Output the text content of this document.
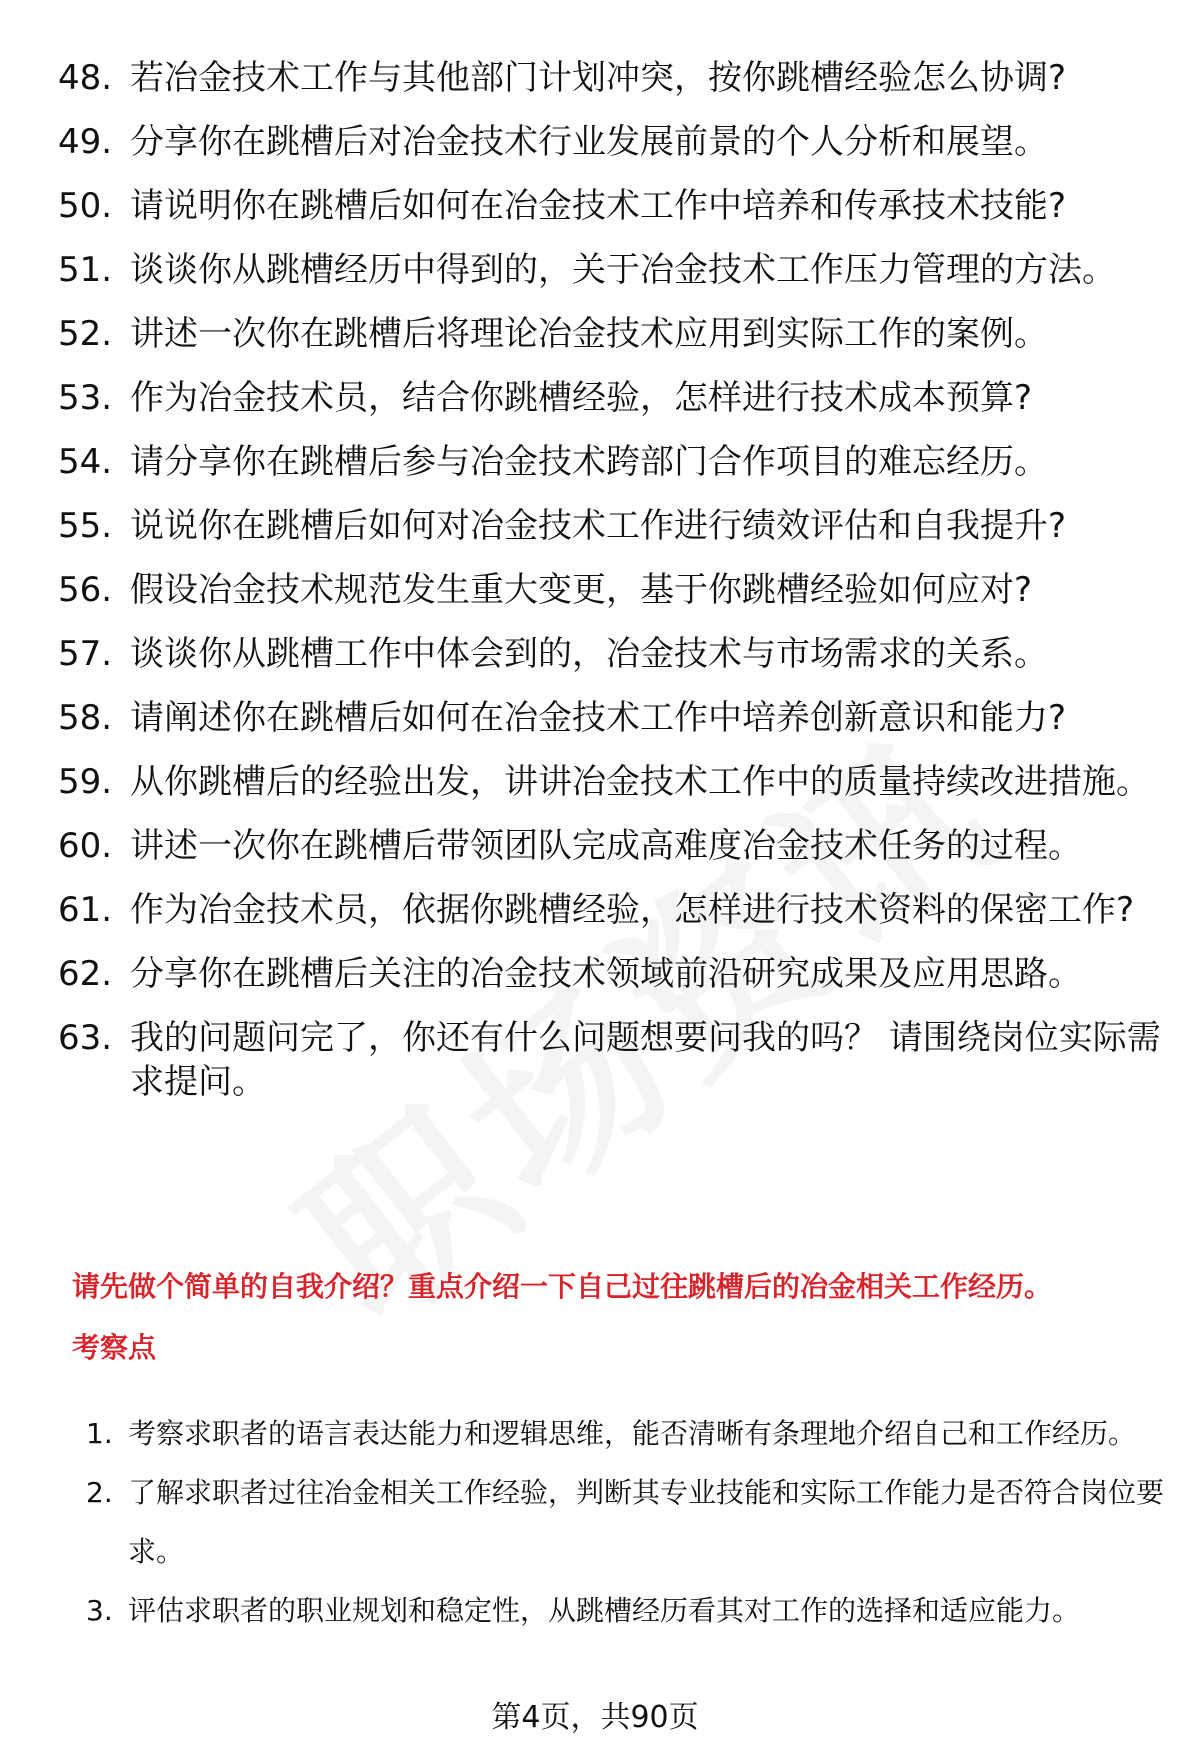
48. 若冶金技术工作与其他部门计划冲突，按你跳槽经验怎么协调?
49. 分享你在跳槽后对冶金技术行业发展前景的个人分析和展望。
50. 请说明你在跳槽后如何在冶金技术工作中培养和传承技术技能?
51. 谈谈你从跳槽经历中得到的，关于冶金技术工作压力管理的方法。
52. 讲述一次你在跳槽后将理论冶金技术应用到实际工作的案例。
53. 作为冶金技术员，结合你跳槽经验，怎样进行技术成本预算?
54. 请分享你在跳槽后参与冶金技术跨部门合作项目的难忘经历。
55. 说说你在跳槽后如何对冶金技术工作进行绩效评估和自我提升?
56. 假设冶金技术规范发生重大变更，基于你跳槽经验如何应对?
57. 谈谈你从跳槽工作中体会到的，冶金技术与市场需求的关系。
58. 请阐述你在跳槽后如何在冶金技术工作中培养创新意识和能力?
59. 从你跳槽后的经验出发，讲讲冶金技术工作中的质量持续改进措施。
60. 讲述一次你在跳槽后带领团队完成高难度冶金技术任务的过程。
61. 作为冶金技术员，依据你跳槽经验，怎样进行技术资料的保密工作?
62. 分享你在跳槽后关注的冶金技术领域前沿研究成果及应用思路。
63. 我的问题问完了，你还有什么问题想要问我的吗？ 请围绕岗位实际需求提问。
请先做个简单的自我介绍？重点介绍一下自己过往跳槽后的冶金相关工作经历。
考察点
1. 考察求职者的语言表达能力和逻辑思维，能否清晰有条理地介绍自己和工作经历。
2. 了解求职者过往冶金相关工作经验，判断其专业技能和实际工作能力是否符合岗位要求。
3. 评估求职者的职业规划和稳定性，从跳槽经历看其对工作的选择和适应能力。
第4页，共90页
